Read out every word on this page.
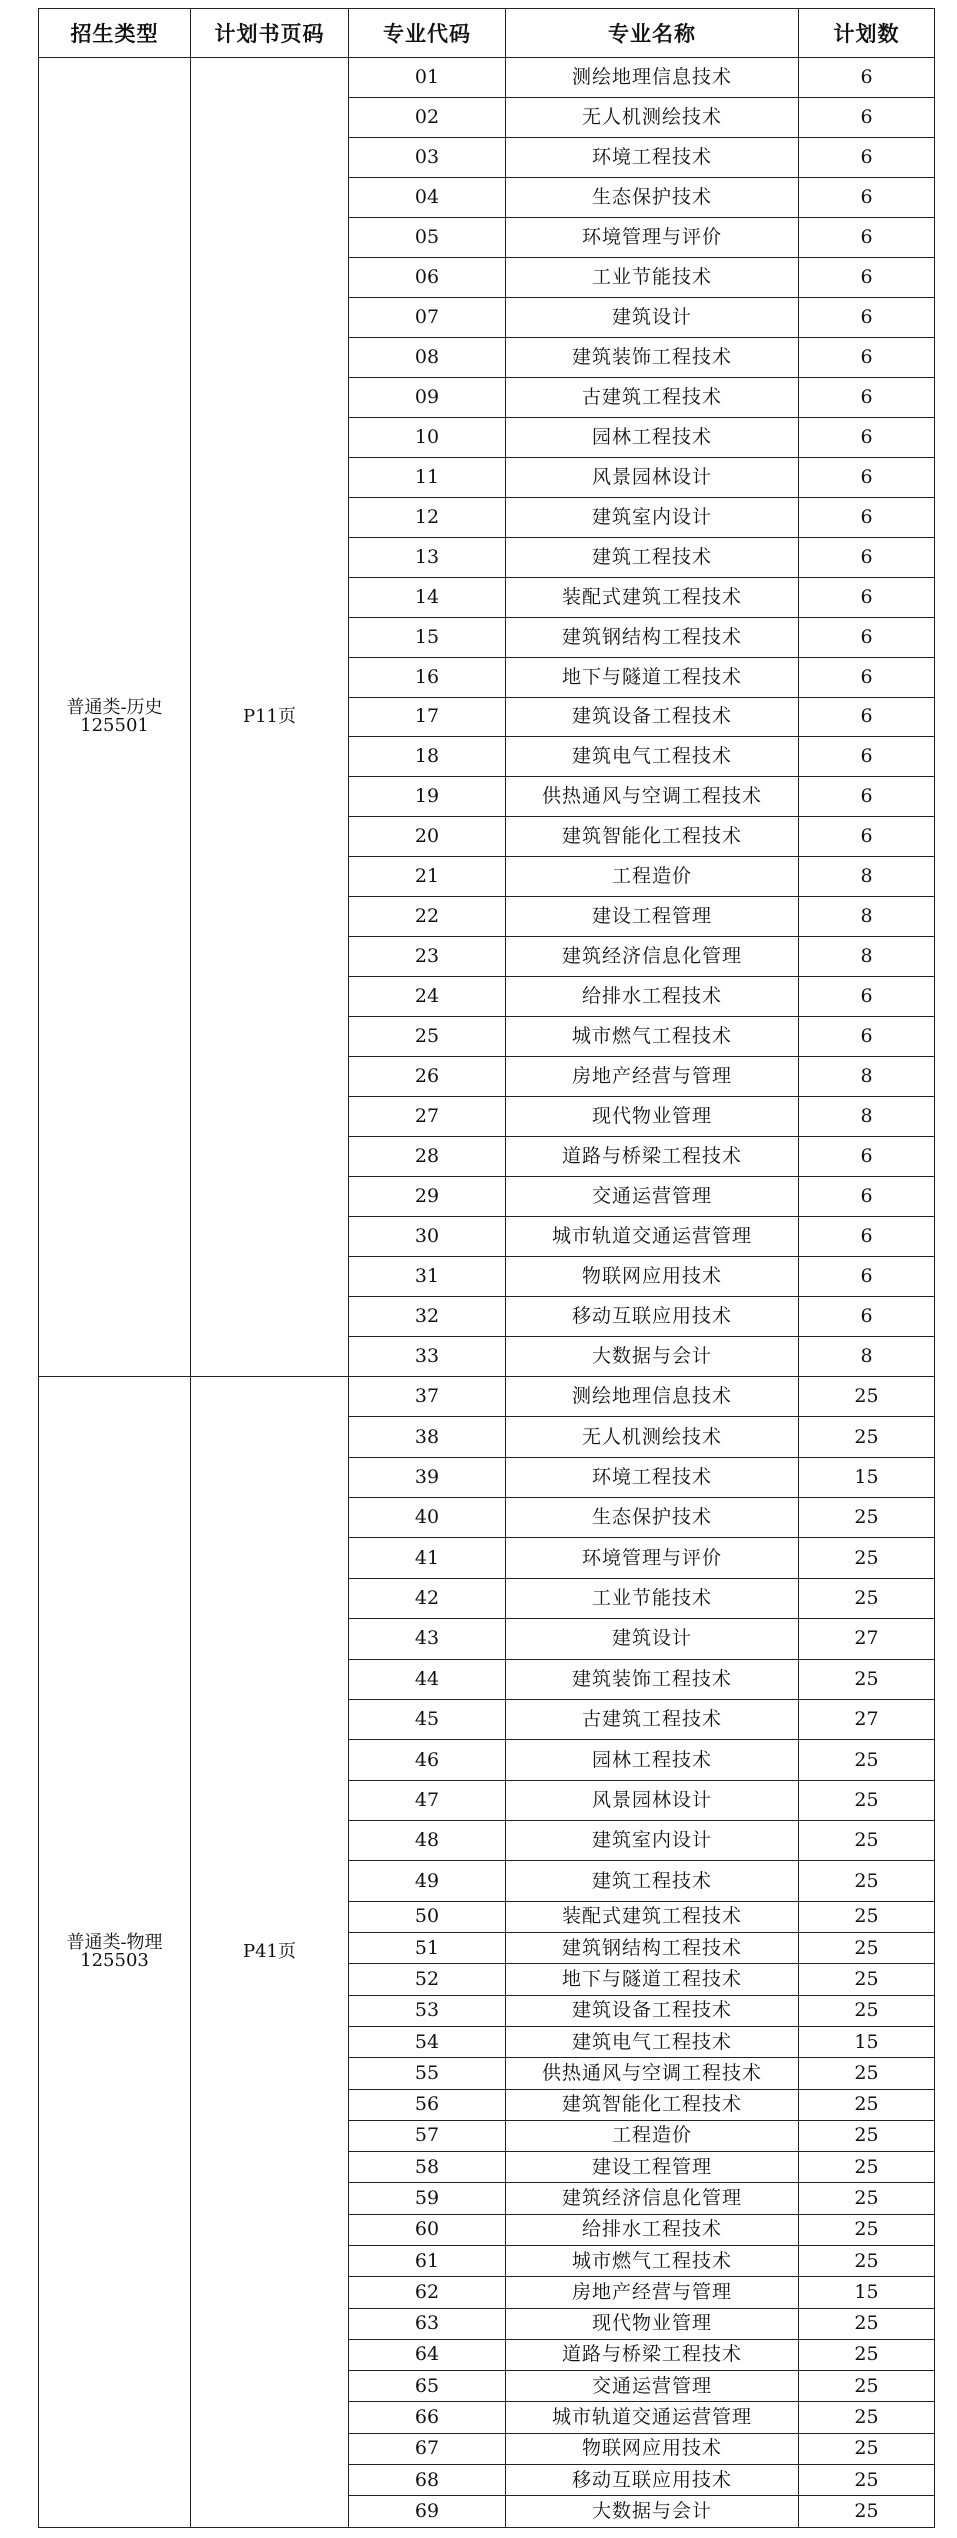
招生类型	计划书页码	专业代码	专业名称	计划数

普通类-历史
125501	P11页	01	测绘地理信息技术	6
		02	无人机测绘技术	6
		03	环境工程技术	6
		04	生态保护技术	6
		05	环境管理与评价	6
		06	工业节能技术	6
		07	建筑设计	6
		08	建筑装饰工程技术	6
		09	古建筑工程技术	6
		10	园林工程技术	6
		11	风景园林设计	6
		12	建筑室内设计	6
		13	建筑工程技术	6
		14	装配式建筑工程技术	6
		15	建筑钢结构工程技术	6
		16	地下与隧道工程技术	6
		17	建筑设备工程技术	6
		18	建筑电气工程技术	6
		19	供热通风与空调工程技术	6
		20	建筑智能化工程技术	6
		21	工程造价	8
		22	建设工程管理	8
		23	建筑经济信息化管理	8
		24	给排水工程技术	6
		25	城市燃气工程技术	6
		26	房地产经营与管理	8
		27	现代物业管理	8
		28	道路与桥梁工程技术	6
		29	交通运营管理	6
		30	城市轨道交通运营管理	6
		31	物联网应用技术	6
		32	移动互联应用技术	6
		33	大数据与会计	8

普通类-物理
125503	P41页	37	测绘地理信息技术	25
		38	无人机测绘技术	25
		39	环境工程技术	15
		40	生态保护技术	25
		41	环境管理与评价	25
		42	工业节能技术	25
		43	建筑设计	27
		44	建筑装饰工程技术	25
		45	古建筑工程技术	27
		46	园林工程技术	25
		47	风景园林设计	25
		48	建筑室内设计	25
		49	建筑工程技术	25
		50	装配式建筑工程技术	25
		51	建筑钢结构工程技术	25
		52	地下与隧道工程技术	25
		53	建筑设备工程技术	25
		54	建筑电气工程技术	15
		55	供热通风与空调工程技术	25
		56	建筑智能化工程技术	25
		57	工程造价	25
		58	建设工程管理	25
		59	建筑经济信息化管理	25
		60	给排水工程技术	25
		61	城市燃气工程技术	25
		62	房地产经营与管理	15
		63	现代物业管理	25
		64	道路与桥梁工程技术	25
		65	交通运营管理	25
		66	城市轨道交通运营管理	25
		67	物联网应用技术	25
		68	移动互联应用技术	25
		69	大数据与会计	25
